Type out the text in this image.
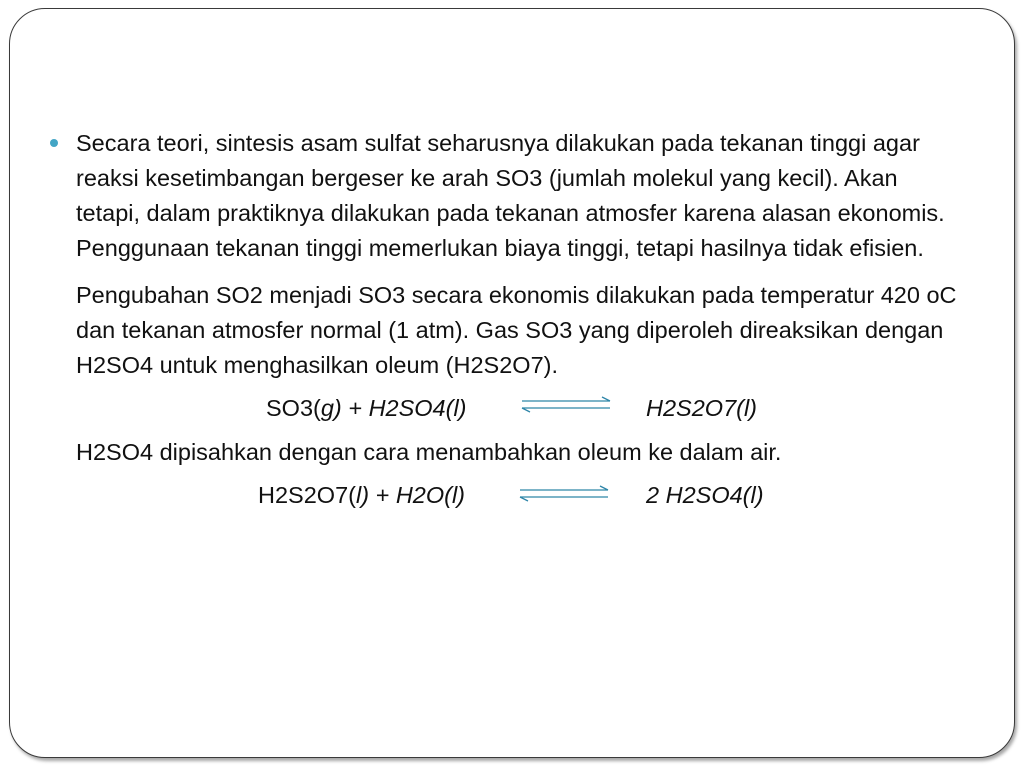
Secara teori, sintesis asam sulfat seharusnya dilakukan pada tekanan tinggi agar reaksi kesetimbangan bergeser ke arah SO3 (jumlah molekul yang kecil). Akan tetapi, dalam praktiknya dilakukan pada tekanan atmosfer karena alasan ekonomis. Penggunaan tekanan tinggi memerlukan biaya tinggi, tetapi hasilnya tidak efisien.

Pengubahan SO2 menjadi SO3 secara ekonomis dilakukan pada temperatur 420 oC dan tekanan atmosfer normal (1 atm). Gas SO3 yang diperoleh direaksikan dengan H2SO4 untuk menghasilkan oleum (H2S2O7).

SO3(g) + H2SO4(l)	H2S2O7(l)

H2SO4 dipisahkan dengan cara menambahkan oleum ke dalam air.

H2S2O7(l) + H2O(l)	2 H2SO4(l)
